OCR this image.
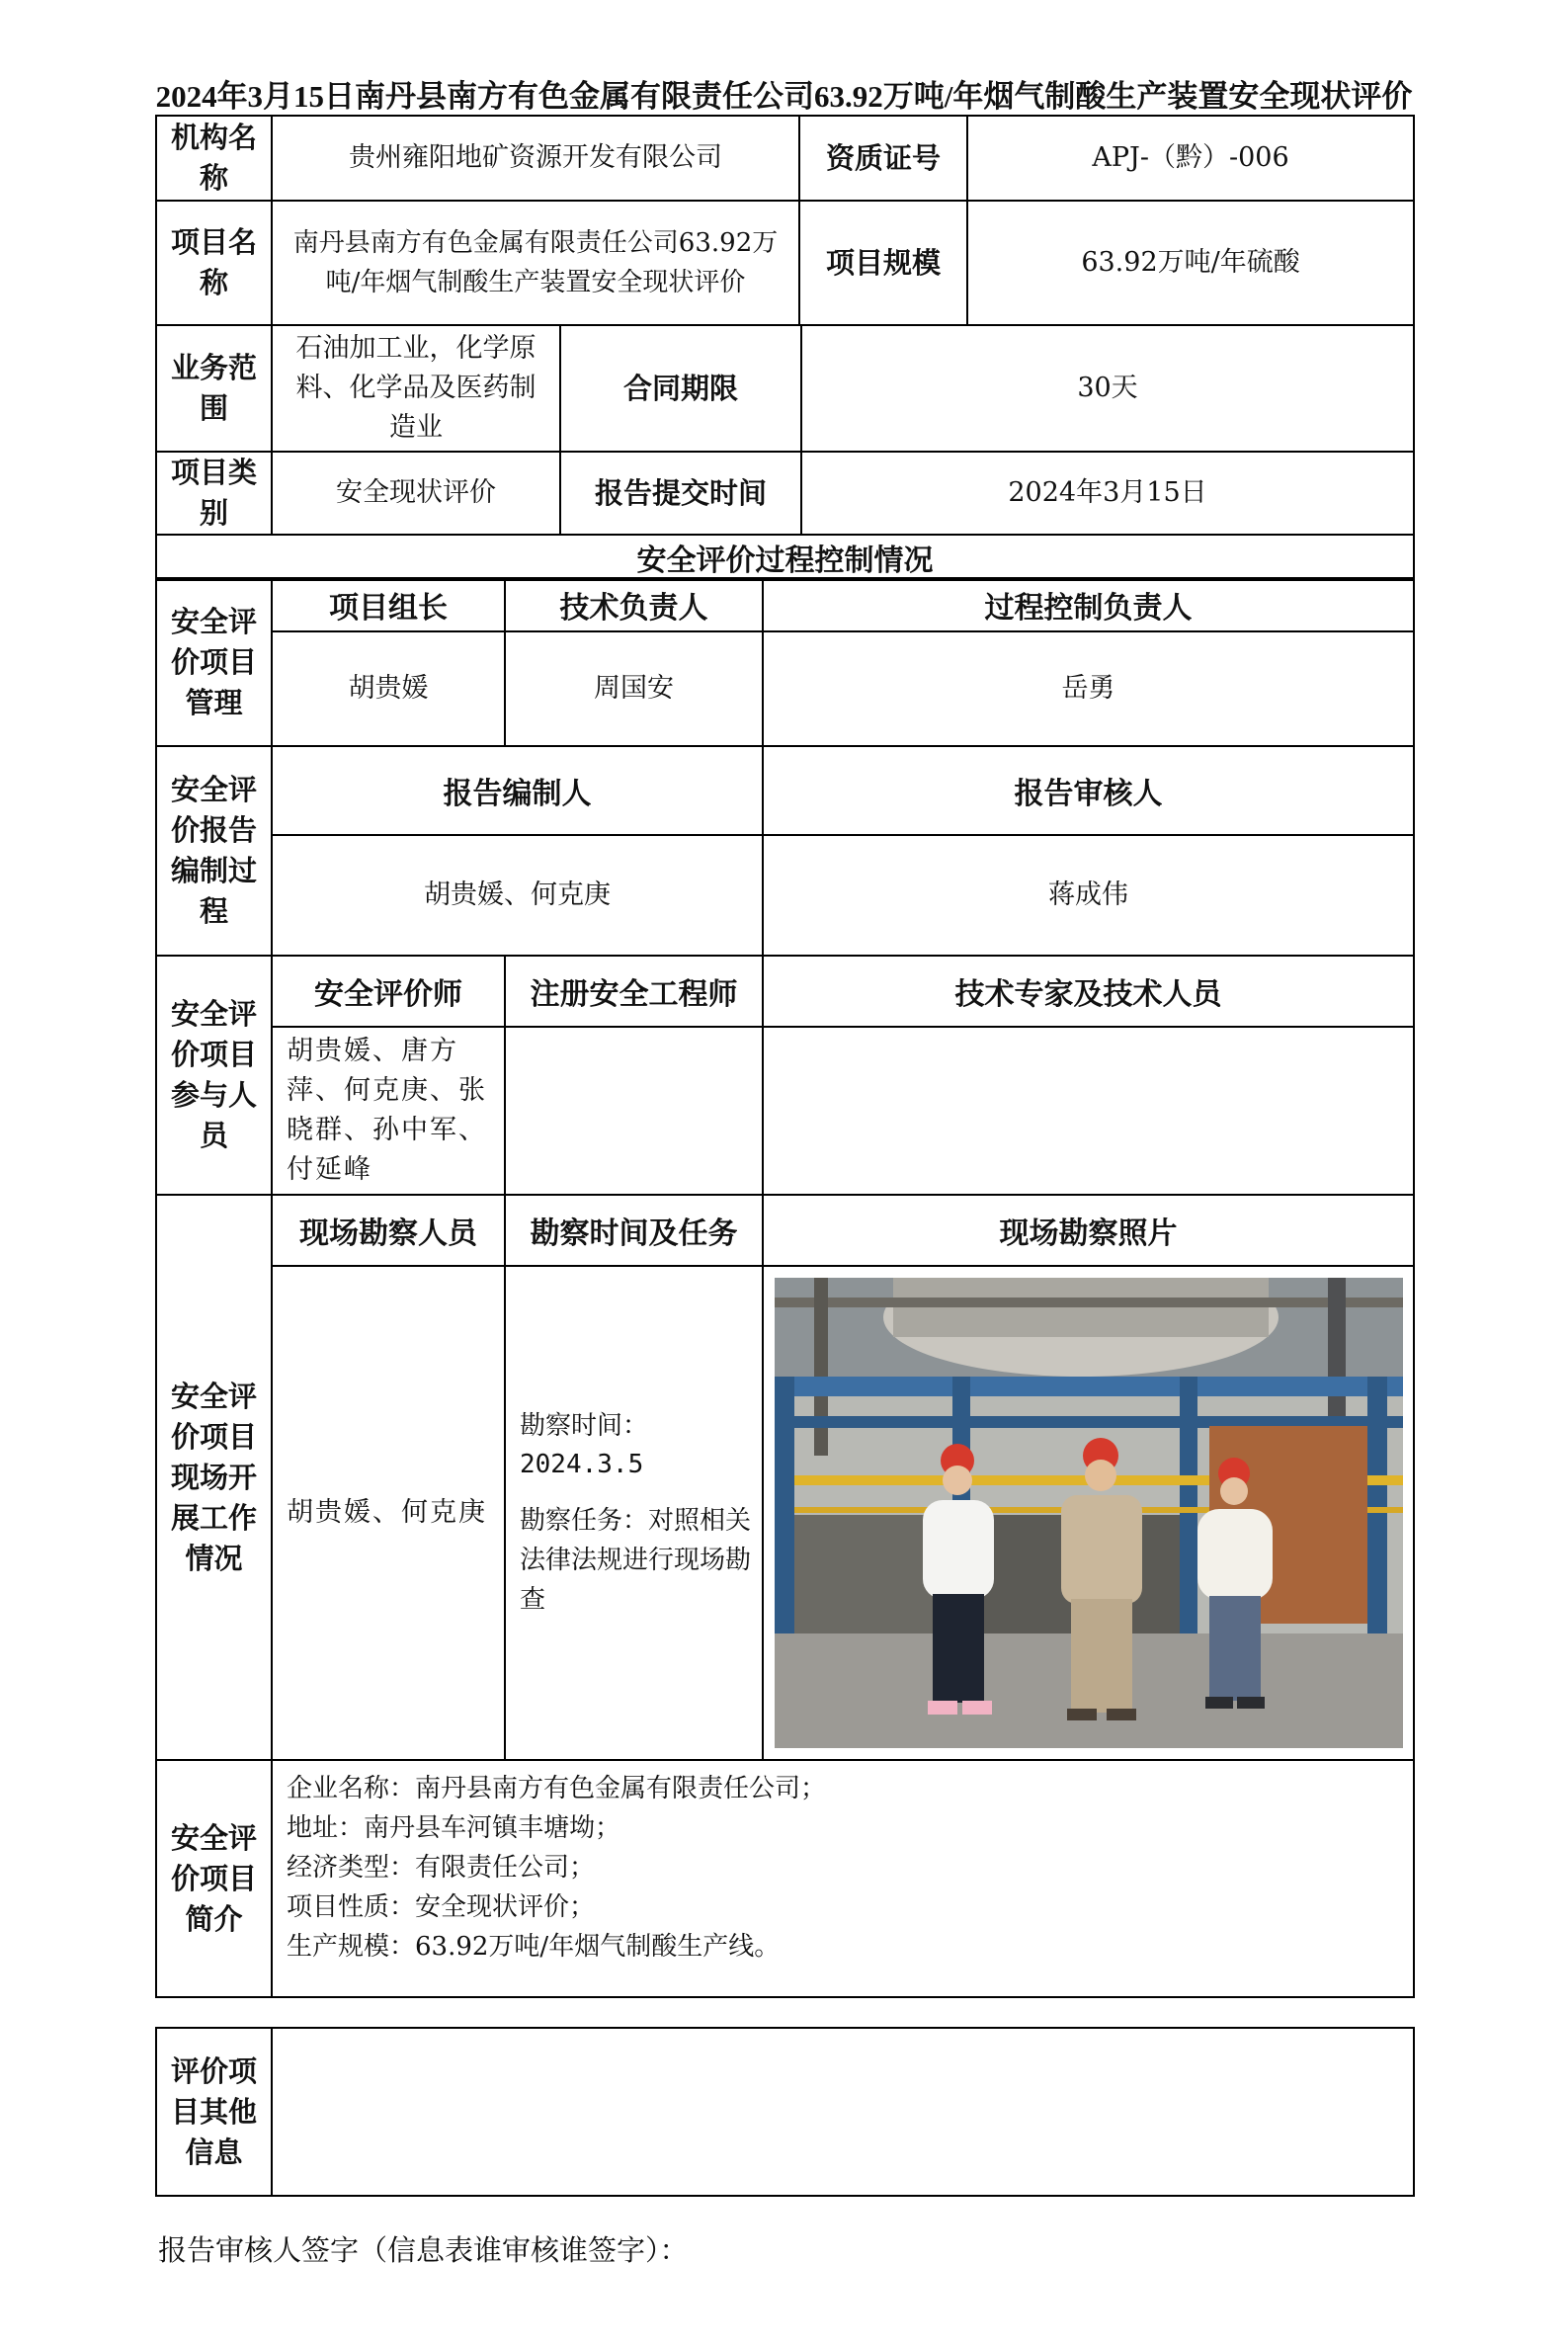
2024年3月15日南丹县南方有色金属有限责任公司63.92万吨/年烟气制酸生产装置安全现状评价
机构名称	贵州雍阳地矿资源开发有限公司	资质证号	APJ-（黔）-006
项目名称	南丹县南方有色金属有限责任公司63.92万吨/年烟气制酸生产装置安全现状评价	项目规模	63.92万吨/年硫酸
业务范围	石油加工业，化学原料、化学品及医药制造业	合同期限	30天
项目类别	安全现状评价	报告提交时间	2024年3月15日
安全评价过程控制情况			
安全评价项目管理	项目组长	技术负责人	过程控制负责人
	胡贵媛	周国安	岳勇
安全评价报告编制过程	报告编制人		报告审核人
	胡贵媛、何克庚		蒋成伟
安全评价项目参与人员	安全评价师	注册安全工程师	技术专家及技术人员
	胡贵媛、唐方萍、何克庚、张晓群、孙中军、付延峰		
安全评价项目现场开展工作情况	现场勘察人员	勘察时间及任务	现场勘察照片
	胡贵媛、何克庚	勘察时间：
2024.3.5
勘察任务：对照相关法律法规进行现场勘查

安全评价项目简介	企业名称：南丹县南方有色金属有限责任公司；
地址：南丹县车河镇丰塘坳；
经济类型：有限责任公司；
项目性质：安全现状评价；
生产规模：63.92万吨/年烟气制酸生产线。		
评价项目其他信息	
报告审核人签字（信息表谁审核谁签字）：
